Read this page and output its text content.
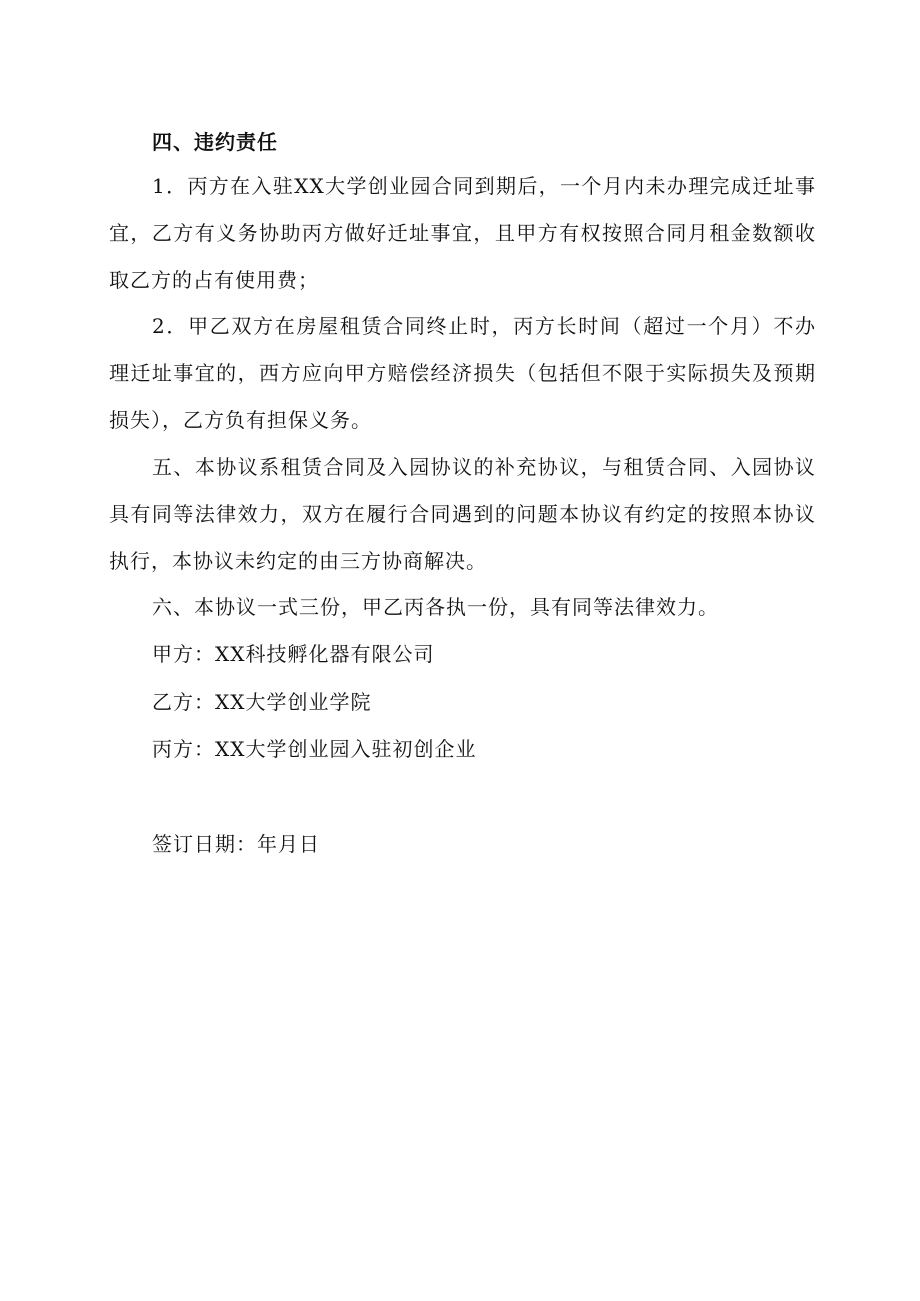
四、违约责任

1．丙方在入驻XX大学创业园合同到期后，一个月内未办理完成迁址事宜，乙方有义务协助丙方做好迁址事宜，且甲方有权按照合同月租金数额收取乙方的占有使用费；

2．甲乙双方在房屋租赁合同终止时，丙方长时间（超过一个月）不办理迁址事宜的，西方应向甲方赔偿经济损失（包括但不限于实际损失及预期损失），乙方负有担保义务。

五、本协议系租赁合同及入园协议的补充协议，与租赁合同、入园协议具有同等法律效力，双方在履行合同遇到的问题本协议有约定的按照本协议执行，本协议未约定的由三方协商解决。

六、本协议一式三份，甲乙丙各执一份，具有同等法律效力。

甲方：XX科技孵化器有限公司

乙方：XX大学创业学院

丙方：XX大学创业园入驻初创企业

签订日期：年月日
